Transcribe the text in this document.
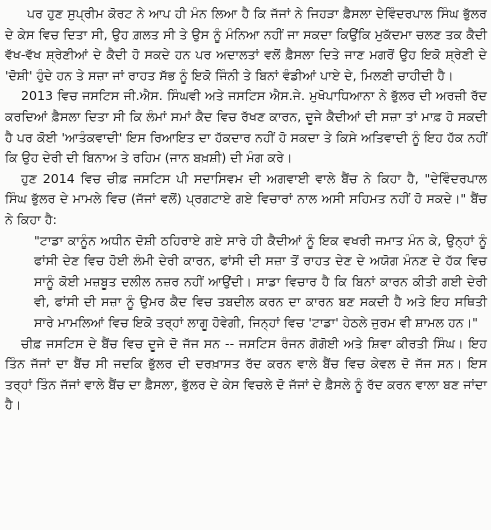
ਪਰ ਹੁਣ ਸੁਪ੍ਰੀਮ ਕੋਰਟ ਨੇ ਆਪ ਹੀ ਮੰਨ ਲਿਆ ਹੈ ਕਿ ਜੱਜਾਂ ਨੇ ਜਿਹੜਾ ਫ਼ੈਸਲਾ ਦੇਵਿੰਦਰਪਾਲ ਸਿੰਘ ਭੁੱਲਰ ਦੇ ਕੇਸ ਵਿਚ ਦਿਤਾ ਸੀ, ਉਹ ਗ਼ਲਤ ਸੀ ਤੇ ਉਸ ਨੂੰ ਮੰਨਿਆ ਨਹੀਂ ਜਾ ਸਕਦਾ ਕਿਉਂਕਿ ਮੁਕੱਦਮਾ ਚਲਣ ਤਕ ਕੈਦੀ ਵੱਖ-ਵੱਖ ਸ਼੍ਰੇਣੀਆਂ ਦੇ ਕੈਦੀ ਹੋ ਸਕਦੇ ਹਨ ਪਰ ਅਦਾਲਤਾਂ ਵਲੋਂ ਫ਼ੈਸਲਾ ਦਿਤੇ ਜਾਣ ਮਗਰੋਂ ਉਹ ਇਕੋ ਸ਼੍ਰੇਣੀ ਦੇ 'ਦੋਸ਼ੀ' ਹੁੰਦੇ ਹਨ ਤੇ ਸਜ਼ਾ ਜਾਂ ਰਾਹਤ ਸੱਭ ਨੂੰ ਇਕੋ ਜਿੰਨੀ ਤੇ ਬਿਨਾਂ ਵੰਡੀਆਂ ਪਾਏ ਦੇ, ਮਿਲਣੀ ਚਾਹੀਦੀ ਹੈ।

2013 ਵਿਚ ਜਸਟਿਸ ਜੀ.ਐਸ. ਸਿੰਘਵੀ ਅਤੇ ਜਸਟਿਸ ਐਸ.ਜੇ. ਮੁਖੋਪਾਧਿਆਨਾ ਨੇ ਭੁੱਲਰ ਦੀ ਅਰਜ਼ੀ ਰੱਦ ਕਰਦਿਆਂ ਫ਼ੈਸਲਾ ਦਿਤਾ ਸੀ ਕਿ ਲੰਮਾਂ ਸਮਾਂ ਕੈਦ ਵਿਚ ਰੱਖਣ ਕਾਰਨ, ਦੂਜੇ ਕੈਦੀਆਂ ਦੀ ਸਜ਼ਾ ਤਾਂ ਮਾਫ਼ ਹੋ ਸਕਦੀ ਹੈ ਪਰ ਕੋਈ 'ਆਤੰਕਵਾਦੀ' ਇਸ ਰਿਆਇਤ ਦਾ ਹੱਕਦਾਰ ਨਹੀਂ ਹੋ ਸਕਦਾ ਤੇ ਕਿਸੇ ਅਤਿਵਾਦੀ ਨੂੰ ਇਹ ਹੱਕ ਨਹੀਂ ਕਿ ਉਹ ਦੇਰੀ ਦੀ ਬਿਨਾਅ ਤੇ ਰਹਿਮ (ਜਾਨ ਬਖ਼ਸ਼ੀ) ਦੀ ਮੰਗ ਕਰੇ।

ਹੁਣ 2014 ਵਿਚ ਚੀਫ਼ ਜਸਟਿਸ ਪੀ ਸਦਾਸਿਵਮ ਦੀ ਅਗਵਾਈ ਵਾਲੇ ਬੈਂਚ ਨੇ ਕਿਹਾ ਹੈ, "ਦੇਵਿੰਦਰਪਾਲ ਸਿੰਘ ਭੁੱਲਰ ਦੇ ਮਾਮਲੇ ਵਿਚ (ਜੱਜਾਂ ਵਲੋਂ) ਪ੍ਰਗਟਾਏ ਗਏ ਵਿਚਾਰਾਂ ਨਾਲ ਅਸੀ ਸਹਿਮਤ ਨਹੀਂ ਹੋ ਸਕਦੇ।" ਬੈਂਚ ਨੇ ਕਿਹਾ ਹੈ:

"ਟਾਡਾ ਕਾਨੂੰਨ ਅਧੀਨ ਦੋਸ਼ੀ ਠਹਿਰਾਏ ਗਏ ਸਾਰੇ ਹੀ ਕੈਦੀਆਂ ਨੂੰ ਇਕ ਵਖਰੀ ਜਮਾਤ ਮੰਨ ਕੇ, ਉਨ੍ਹਾਂ ਨੂੰ ਫਾਂਸੀ ਦੇਣ ਵਿਚ ਹੋਈ ਲੰਮੀ ਦੇਰੀ ਕਾਰਨ, ਫਾਂਸੀ ਦੀ ਸਜ਼ਾ ਤੋਂ ਰਾਹਤ ਦੇਣ ਦੇ ਅਯੋਗ ਮੰਨਣ ਦੇ ਹੱਕ ਵਿਚ ਸਾਨੂੰ ਕੋਈ ਮਜ਼ਬੂਤ ਦਲੀਲ ਨਜ਼ਰ ਨਹੀਂ ਆਉਂਦੀ। ਸਾਡਾ ਵਿਚਾਰ ਹੈ ਕਿ ਬਿਨਾਂ ਕਾਰਨ ਕੀਤੀ ਗਈ ਦੇਰੀ ਵੀ, ਫਾਂਸੀ ਦੀ ਸਜ਼ਾ ਨੂੰ ਉਮਰ ਕੈਦ ਵਿਚ ਤਬਦੀਲ ਕਰਨ ਦਾ ਕਾਰਨ ਬਣ ਸਕਦੀ ਹੈ ਅਤੇ ਇਹ ਸਥਿਤੀ ਸਾਰੇ ਮਾਮਲਿਆਂ ਵਿਚ ਇਕੋ ਤਰ੍ਹਾਂ ਲਾਗੂ ਹੋਵੇਗੀ, ਜਿਨ੍ਹਾਂ ਵਿਚ 'ਟਾਡਾ' ਹੇਠਲੇ ਜੁਰਮ ਵੀ ਸ਼ਾਮਲ ਹਨ।"

ਚੀਫ਼ ਜਸਟਿਸ ਦੇ ਬੈਂਚ ਵਿਚ ਦੂਜੇ ਦੋ ਜੱਜ ਸਨ -- ਜਸਟਿਸ ਰੰਜਨ ਗੋਗੋਈ ਅਤੇ ਸ਼ਿਵਾ ਕੀਰਤੀ ਸਿੰਘ। ਇਹ ਤਿੰਨ ਜੱਜਾਂ ਦਾ ਬੈਂਚ ਸੀ ਜਦਕਿ ਭੁੱਲਰ ਦੀ ਦਰਖ਼ਾਸਤ ਰੱਦ ਕਰਨ ਵਾਲੇ ਬੈਂਚ ਵਿਚ ਕੇਵਲ ਦੋ ਜੱਜ ਸਨ। ਇਸ ਤਰ੍ਹਾਂ ਤਿੰਨ ਜੱਜਾਂ ਵਾਲੇ ਬੈਂਚ ਦਾ ਫ਼ੈਸਲਾ, ਭੁੱਲਰ ਦੇ ਕੇਸ ਵਿਚਲੇ ਦੋ ਜੱਜਾਂ ਦੇ ਫ਼ੈਸਲੇ ਨੂੰ ਰੱਦ ਕਰਨ ਵਾਲਾ ਬਣ ਜਾਂਦਾ ਹੈ।
